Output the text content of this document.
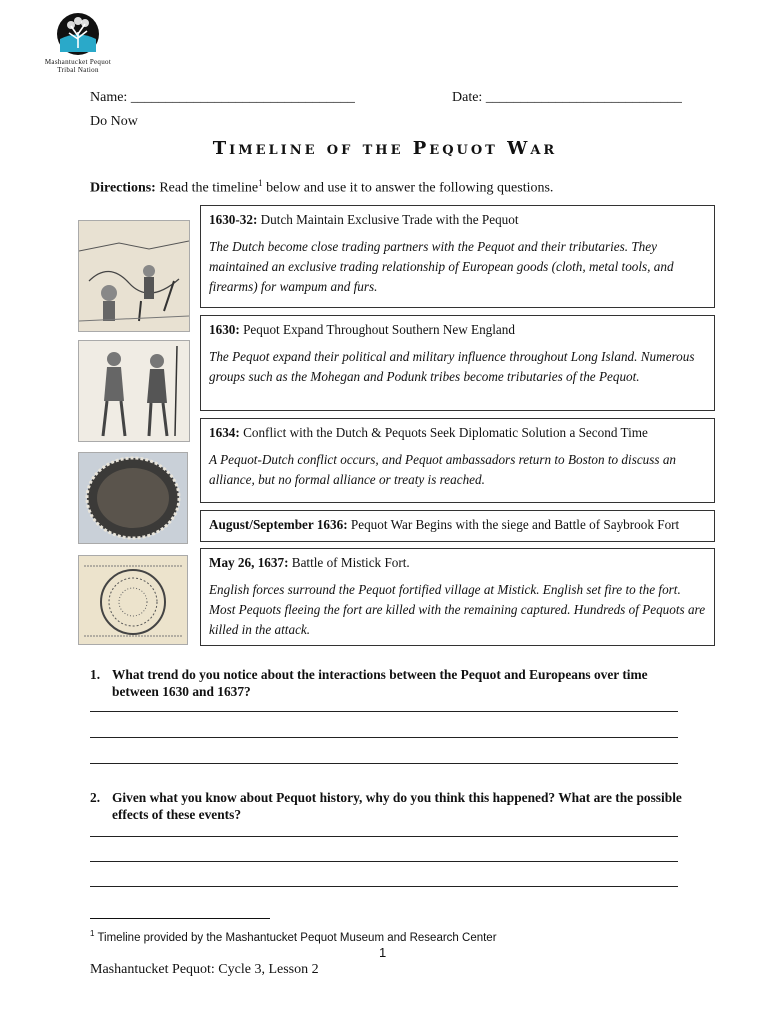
Mashantucket Pequot
Tribal Nation
Name: ________________________________	Date: ____________________________
Do Now
Timeline of the Pequot War
Directions: Read the timeline$^1$ below and use it to answer the following questions.
1630-32: Dutch Maintain Exclusive Trade with the Pequot
The Dutch become close trading partners with the Pequot and their tributaries. They maintained an exclusive trading relationship of European goods (cloth, metal tools, and firearms) for wampum and furs.
1630: Pequot Expand Throughout Southern New England
The Pequot expand their political and military influence throughout Long Island. Numerous groups such as the Mohegan and Podunk tribes become tributaries of the Pequot.
1634: Conflict with the Dutch & Pequots Seek Diplomatic Solution a Second Time
A Pequot-Dutch conflict occurs, and Pequot ambassadors return to Boston to discuss an alliance, but no formal alliance or treaty is reached.
August/September 1636: Pequot War Begins with the siege and Battle of Saybrook Fort
May 26, 1637: Battle of Mistick Fort.
English forces surround the Pequot fortified village at Mistick. English set fire to the fort. Most Pequots fleeing the fort are killed with the remaining captured. Hundreds of Pequots are killed in the attack.
1. What trend do you notice about the interactions between the Pequot and Europeans over time between 1630 and 1637?
2. Given what you know about Pequot history, why do you think this happened? What are the possible effects of these events?
$^1$ Timeline provided by the Mashantucket Pequot Museum and Research Center
1
Mashantucket Pequot: Cycle 3, Lesson 2
